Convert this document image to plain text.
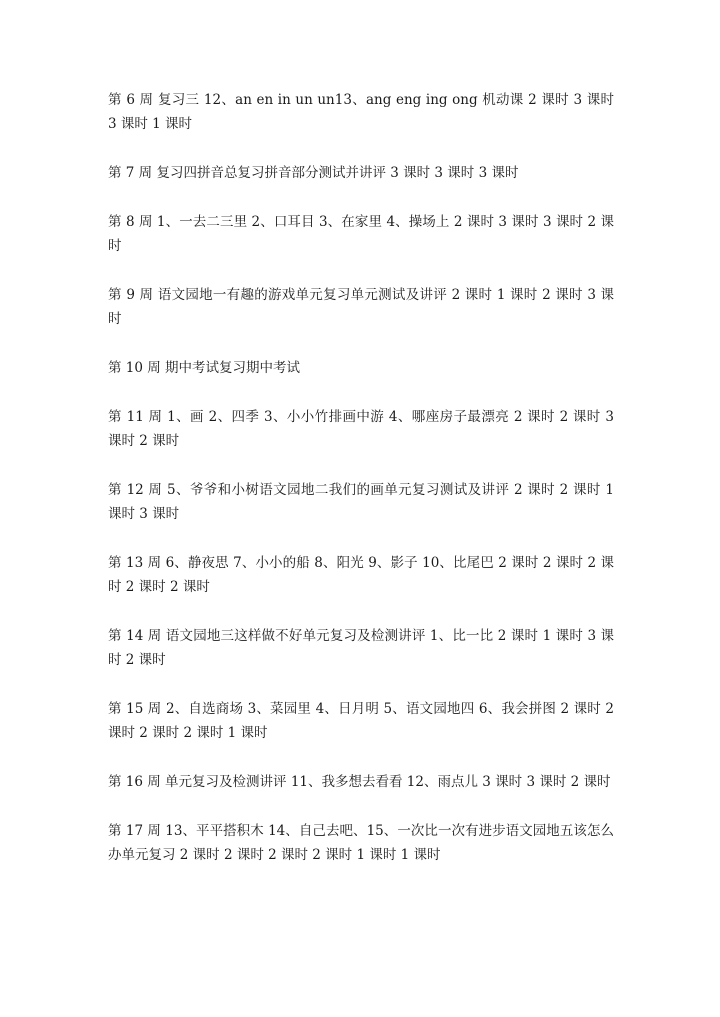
第 6 周 复习三 12、an en in un un13、ang eng ing ong 机动课 2 课时 3 课时 3 课时 1 课时

第 7 周 复习四拼音总复习拼音部分测试并讲评 3 课时 3 课时 3 课时

第 8 周 1、一去二三里 2、口耳目 3、在家里 4、操场上 2 课时 3 课时 3 课时 2 课时

第 9 周 语文园地一有趣的游戏单元复习单元测试及讲评 2 课时 1 课时 2 课时 3 课时

第 10 周 期中考试复习期中考试

第 11 周 1、画 2、四季 3、小小竹排画中游 4、哪座房子最漂亮 2 课时 2 课时 3 课时 2 课时

第 12 周 5、爷爷和小树语文园地二我们的画单元复习测试及讲评 2 课时 2 课时 1 课时 3 课时

第 13 周 6、静夜思 7、小小的船 8、阳光 9、影子 10、比尾巴 2 课时 2 课时 2 课时 2 课时 2 课时

第 14 周 语文园地三这样做不好单元复习及检测讲评 1、比一比 2 课时 1 课时 3 课时 2 课时

第 15 周 2、自选商场 3、菜园里 4、日月明 5、语文园地四 6、我会拼图 2 课时 2 课时 2 课时 2 课时 1 课时

第 16 周 单元复习及检测讲评 11、我多想去看看 12、雨点儿 3 课时 3 课时 2 课时

第 17 周 13、平平搭积木 14、自己去吧、15、一次比一次有进步语文园地五该怎么办单元复习 2 课时 2 课时 2 课时 2 课时 1 课时 1 课时
